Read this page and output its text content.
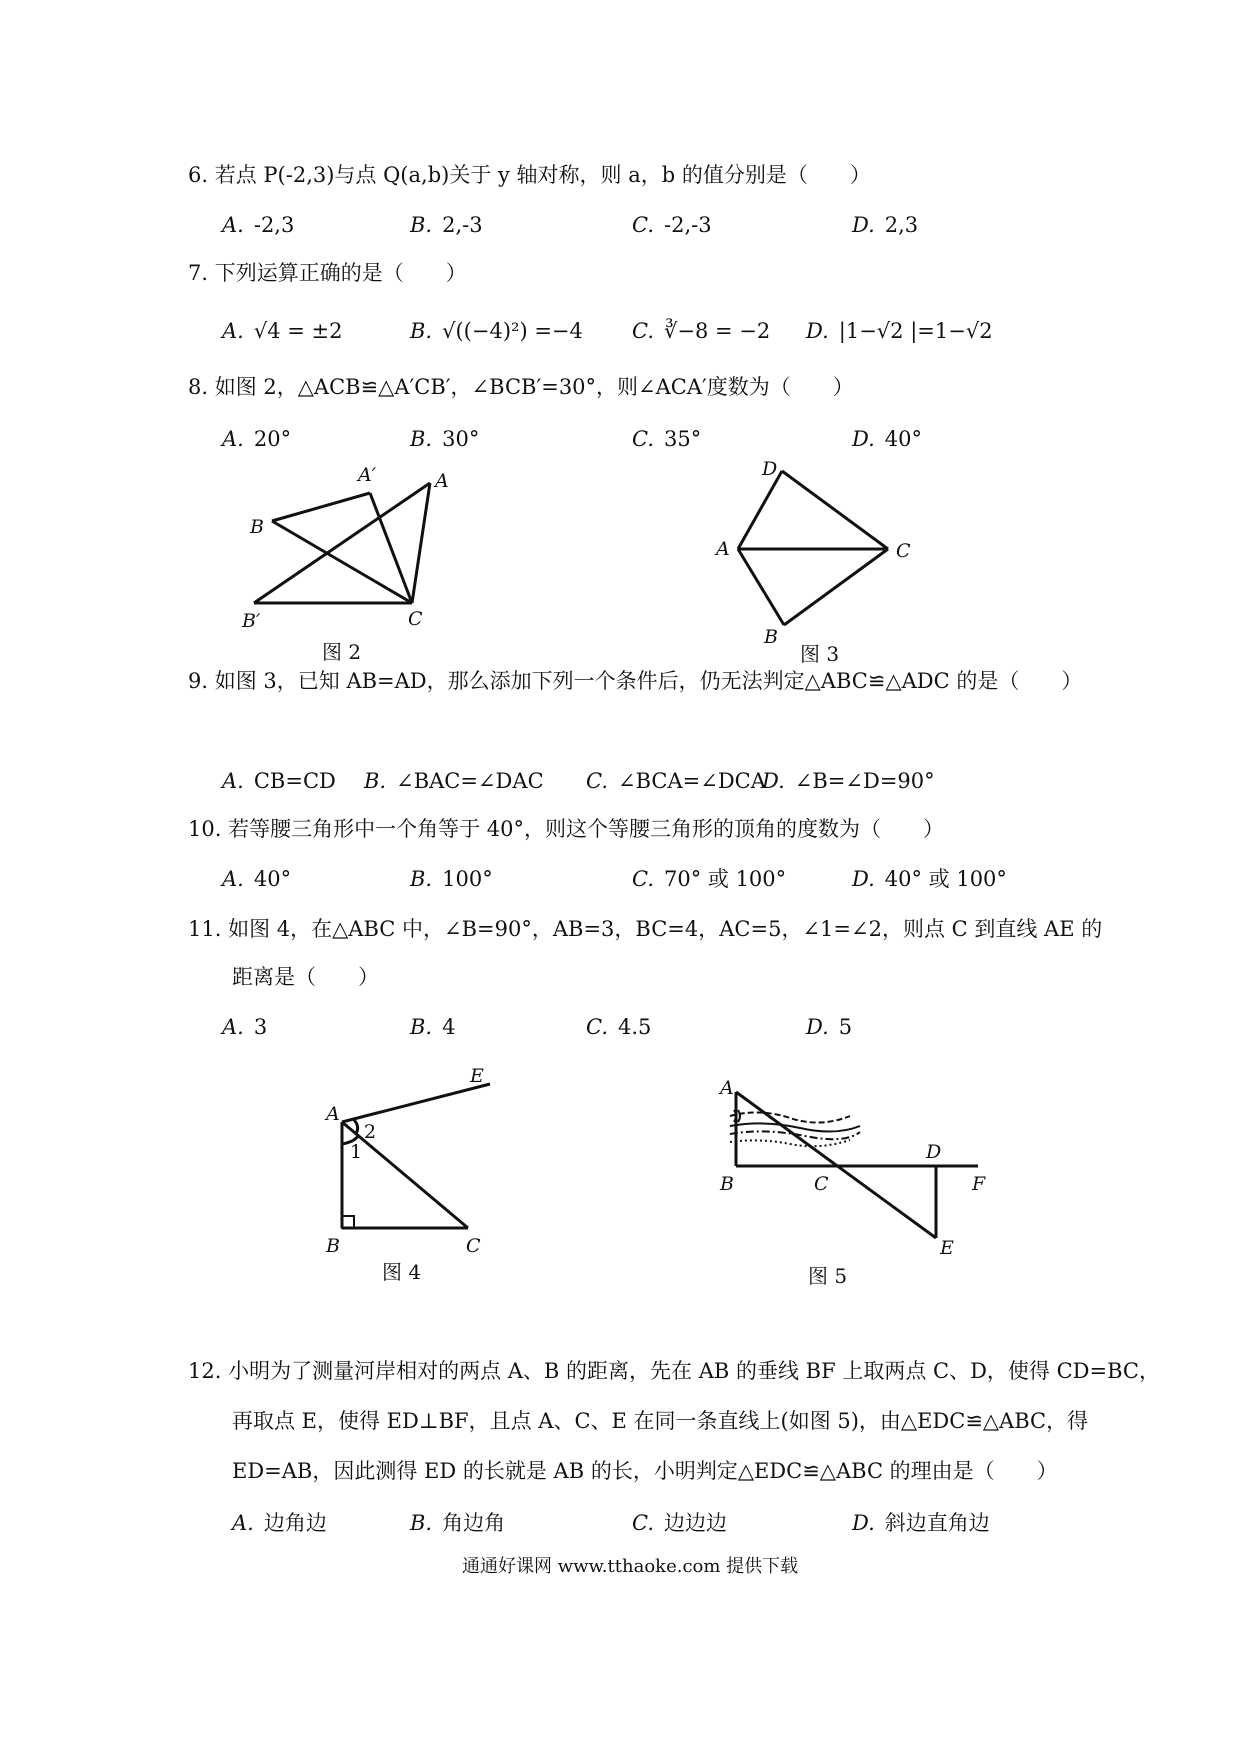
6. 若点 P(-2,3)与点 Q(a,b)关于 y 轴对称，则 a，b 的值分别是（　　）
A. -2,3	B. 2,-3	C. -2,-3	D. 2,3
7. 下列运算正确的是（　　）
A. √4 = ±2	B. √((−4)²) =−4 C. ∛−8 = −2 D. |1−√2 |=1−√2
8. 如图 2，△ACB≌△A′CB′，∠BCB′=30°，则∠ACA′度数为（　　）
A. 20°	B. 30°	C. 35°	D. 40°
A′	A
B
B′	C
图 2
D
A	C
B
图 3
9. 如图 3，已知 AB=AD，那么添加下列一个条件后，仍无法判定△ABC≌△ADC 的是（　　）
A. CB=CD B. ∠BAC=∠DAC C. ∠BCA=∠DCA
D. ∠B=∠D=90°
10. 若等腰三角形中一个角等于 40°，则这个等腰三角形的顶角的度数为（　　）
A. 40°	B. 100°	C. 70° 或 100°	D. 40° 或 100°
11. 如图 4，在△ABC 中，∠B=90°，AB=3，BC=4，AC=5，∠1=∠2，则点 C 到直线 AE 的
距离是（　　）
A. 3	B. 4	C. 4.5	D. 5
E
A
2
1
B	C
图 4
A
D
B	C	F
E
图 5
12. 小明为了测量河岸相对的两点 A、B 的距离，先在 AB 的垂线 BF 上取两点 C、D，使得 CD=BC，
再取点 E，使得 ED⊥BF，且点 A、C、E 在同一条直线上(如图 5)，由△EDC≌△ABC，得
ED=AB，因此测得 ED 的长就是 AB 的长，小明判定△EDC≌△ABC 的理由是（　　）
A. 边角边	B. 角边角	C. 边边边	D. 斜边直角边
通通好课网 www.tthaoke.com 提供下载
